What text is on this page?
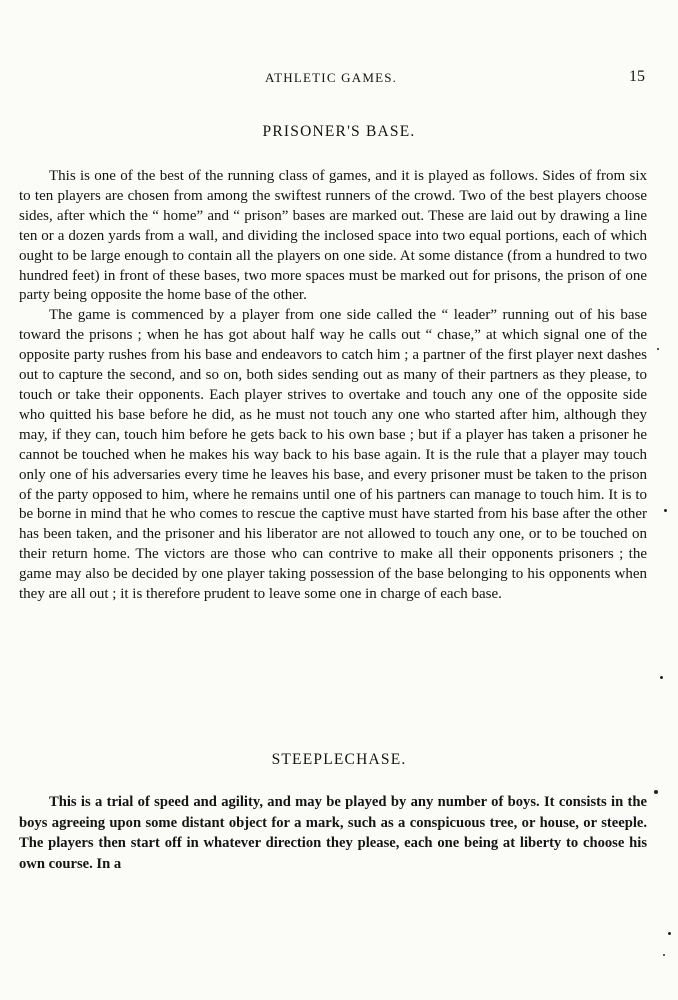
ATHLETIC GAMES.	15
PRISONER'S BASE.

This is one of the best of the running class of games, and it is played as follows. Sides of from six to ten players are chosen from among the swiftest runners of the crowd. Two of the best players choose sides, after which the “ home” and “ prison” bases are marked out. These are laid out by drawing a line ten or a dozen yards from a wall, and dividing the inclosed space into two equal portions, each of which ought to be large enough to contain all the players on one side. At some distance (from a hundred to two hundred feet) in front of these bases, two more spaces must be marked out for prisons, the prison of one party being opposite the home base of the other.

The game is commenced by a player from one side called the “ leader” running out of his base toward the prisons ; when he has got about half way he calls out “ chase,” at which signal one of the opposite party rushes from his base and endeavors to catch him ; a partner of the first player next dashes out to capture the second, and so on, both sides sending out as many of their partners as they please, to touch or take their opponents. Each player strives to overtake and touch any one of the opposite side who quitted his base before he did, as he must not touch any one who started after him, although they may, if they can, touch him before he gets back to his own base ; but if a player has taken a prisoner he cannot be touched when he makes his way back to his base again. It is the rule that a player may touch only one of his adversaries every time he leaves his base, and every prisoner must be taken to the prison of the party opposed to him, where he remains until one of his partners can manage to touch him. It is to be borne in mind that he who comes to rescue the captive must have started from his base after the other has been taken, and the prisoner and his liberator are not allowed to touch any one, or to be touched on their return home. The victors are those who can contrive to make all their opponents prisoners ; the game may also be decided by one player taking possession of the base belonging to his opponents when they are all out ; it is therefore prudent to leave some one in charge of each base.

STEEPLECHASE.

This is a trial of speed and agility, and may be played by any number of boys. It consists in the boys agreeing upon some distant object for a mark, such as a conspicuous tree, or house, or steeple. The players then start off in whatever direction they please, each one being at liberty to choose his own course. In a
